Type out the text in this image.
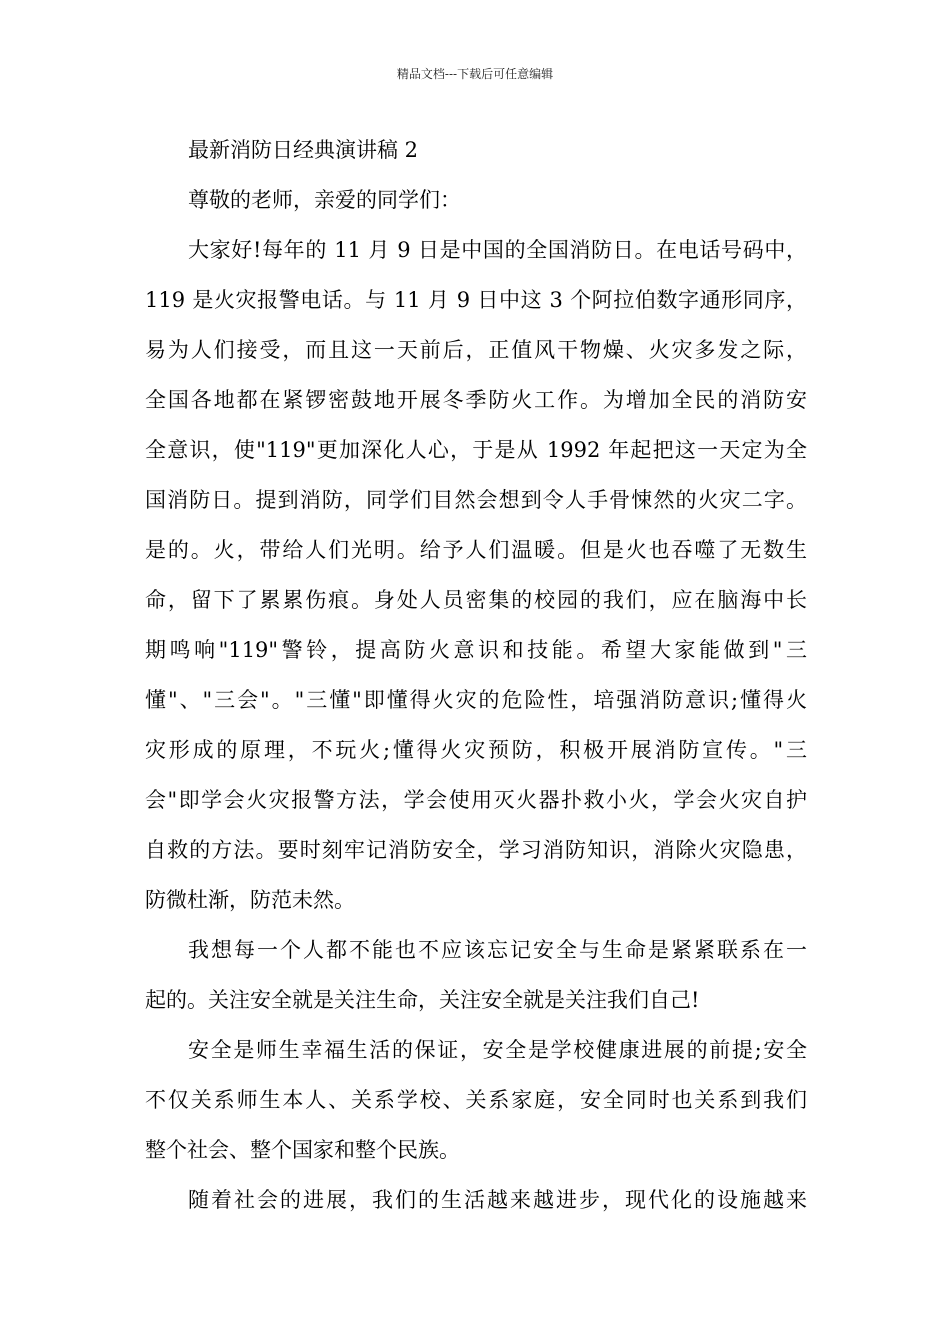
精品文档---下载后可任意编辑
最新消防日经典演讲稿 2
尊敬的老师，亲爱的同学们：
大家好!每年的 11 月 9 日是中国的全国消防日。在电话号码中，
119 是火灾报警电话。与 11 月 9 日中这 3 个阿拉伯数字通形同序，
易为人们接受，而且这一天前后，正值风干物燥、火灾多发之际，
全国各地都在紧锣密鼓地开展冬季防火工作。为增加全民的消防安
全意识，使"119"更加深化人心，于是从 1992 年起把这一天定为全
国消防日。提到消防，同学们目然会想到令人手骨悚然的火灾二字。
是的。火，带给人们光明。给予人们温暖。但是火也吞噬了无数生
命，留下了累累伤痕。身处人员密集的校园的我们，应在脑海中长
期鸣响"119"警铃，提高防火意识和技能。希望大家能做到"三
懂"、"三会"。"三懂"即懂得火灾的危险性，培强消防意识;懂得火
灾形成的原理，不玩火;懂得火灾预防，积极开展消防宣传。"三
会"即学会火灾报警方法，学会使用灭火器扑救小火，学会火灾自护
自救的方法。要时刻牢记消防安全，学习消防知识，消除火灾隐患，
防微杜渐，防范未然。
我想每一个人都不能也不应该忘记安全与生命是紧紧联系在一
起的。关注安全就是关注生命，关注安全就是关注我们自己!
安全是师生幸福生活的保证，安全是学校健康进展的前提;安全
不仅关系师生本人、关系学校、关系家庭，安全同时也关系到我们
整个社会、整个国家和整个民族。
随着社会的进展，我们的生活越来越进步，现代化的设施越来
